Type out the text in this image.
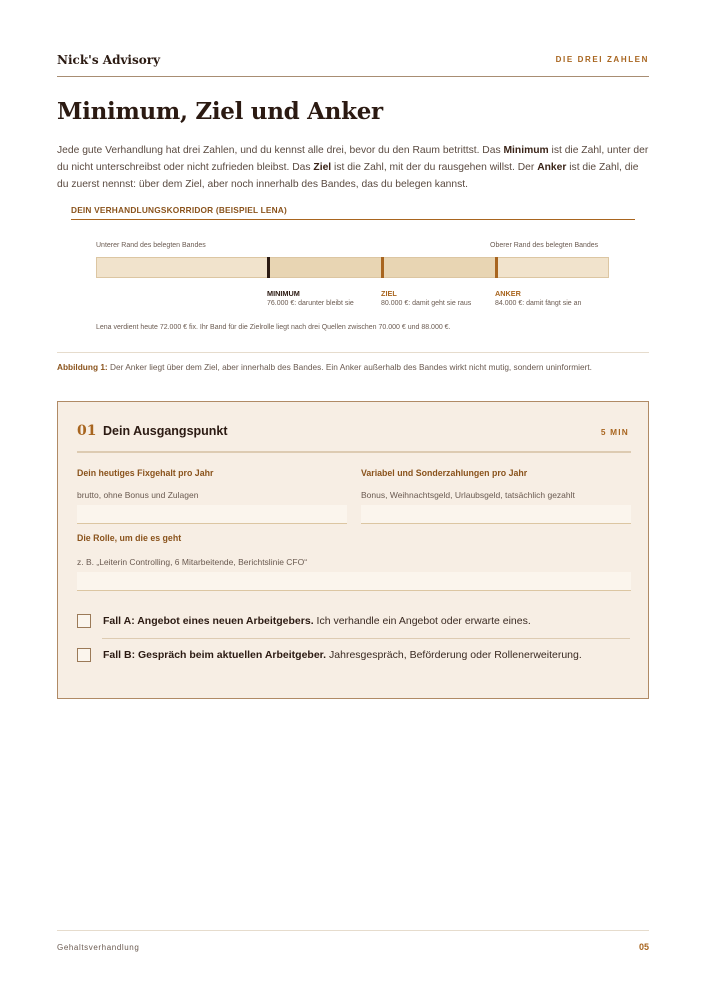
Nick's Advisory	DIE DREI ZAHLEN
Minimum, Ziel und Anker

Jede gute Verhandlung hat drei Zahlen, und du kennst alle drei, bevor du den Raum betrittst. Das Minimum ist die Zahl, unter der du nicht unterschreibst oder nicht zufrieden bleibst. Das Ziel ist die Zahl, mit der du rausgehen willst. Der Anker ist die Zahl, die du zuerst nennst: über dem Ziel, aber noch innerhalb des Bandes, das du belegen kannst.

DEIN VERHANDLUNGSKORRIDOR (BEISPIEL LENA)
Unterer Rand des belegten Bandes	Oberer Rand des belegten Bandes
MINIMUM
76.000 €: darunter bleibt sie
ZIEL
80.000 €: damit geht sie raus
ANKER
84.000 €: damit fängt sie an
Lena verdient heute 72.000 € fix. Ihr Band für die Zielrolle liegt nach drei Quellen zwischen 70.000 € und 88.000 €.
Abbildung 1: Der Anker liegt über dem Ziel, aber innerhalb des Bandes. Ein Anker außerhalb des Bandes wirkt nicht mutig, sondern uninformiert.
01 Dein Ausgangspunkt	5 MIN
Dein heutiges Fixgehalt pro Jahr
brutto, ohne Bonus und Zulagen
Variabel und Sonderzahlungen pro Jahr
Bonus, Weihnachtsgeld, Urlaubsgeld, tatsächlich gezahlt
Die Rolle, um die es geht
z. B. „Leiterin Controlling, 6 Mitarbeitende, Berichtslinie CFO“
Fall A: Angebot eines neuen Arbeitgebers. Ich verhandle ein Angebot oder erwarte eines.
Fall B: Gespräch beim aktuellen Arbeitgeber. Jahresgespräch, Beförderung oder Rollenerweiterung.
Gehaltsverhandlung	05
